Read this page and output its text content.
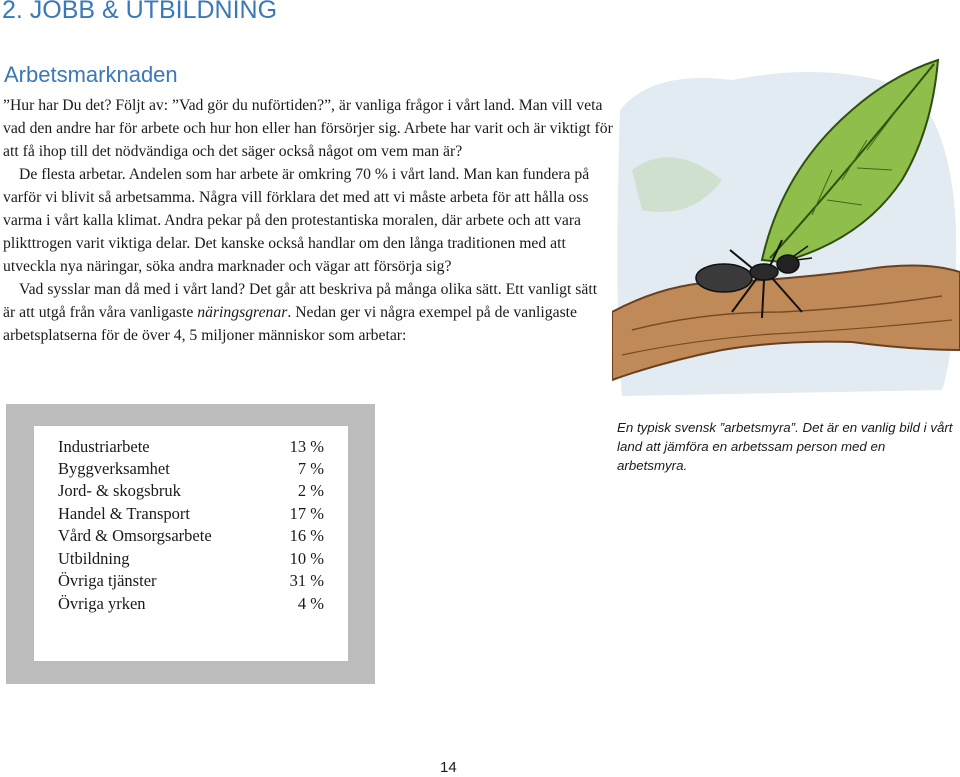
2. JOBB & UTBILDNING
Arbetsmarknaden

”Hur har Du det? Följt av: ”Vad gör du nuförtiden?”, är vanliga frågor i vårt land. Man vill veta vad den andre har för arbete och hur hon eller han försörjer sig. Arbete har varit och är viktigt för att få ihop till det nödvändiga och det säger också något om vem man är?

De flesta arbetar. Andelen som har arbete är omkring 70 % i vårt land. Man kan fundera på varför vi blivit så arbetsamma. Några vill förklara det med att vi måste arbeta för att hålla oss varma i vårt kalla klimat. Andra pekar på den protestantiska moralen, där arbete och att vara plikttrogen varit viktiga delar. Det kanske också handlar om den långa traditionen med att utveckla nya näringar, söka andra marknader och vägar att försörja sig?

Vad sysslar man då med i vårt land? Det går att beskriva på många olika sätt. Ett vanligt sätt är att utgå från våra vanligaste näringsgrenar. Nedan ger vi några exempel på de vanligaste arbetsplatserna för de över 4, 5 miljoner människor som arbetar:

Industriarbete	13 %
Byggverksamhet	7 %
Jord- & skogsbruk	2 %
Handel & Transport	17 %
Vård & Omsorgsarbete	16 %
Utbildning	10 %
Övriga tjänster	31 %
Övriga yrken	4 %
En typisk svensk ”arbetsmyra”. Det är en vanlig bild i vårt land att jämföra en arbetssam person med en arbetsmyra.
14
